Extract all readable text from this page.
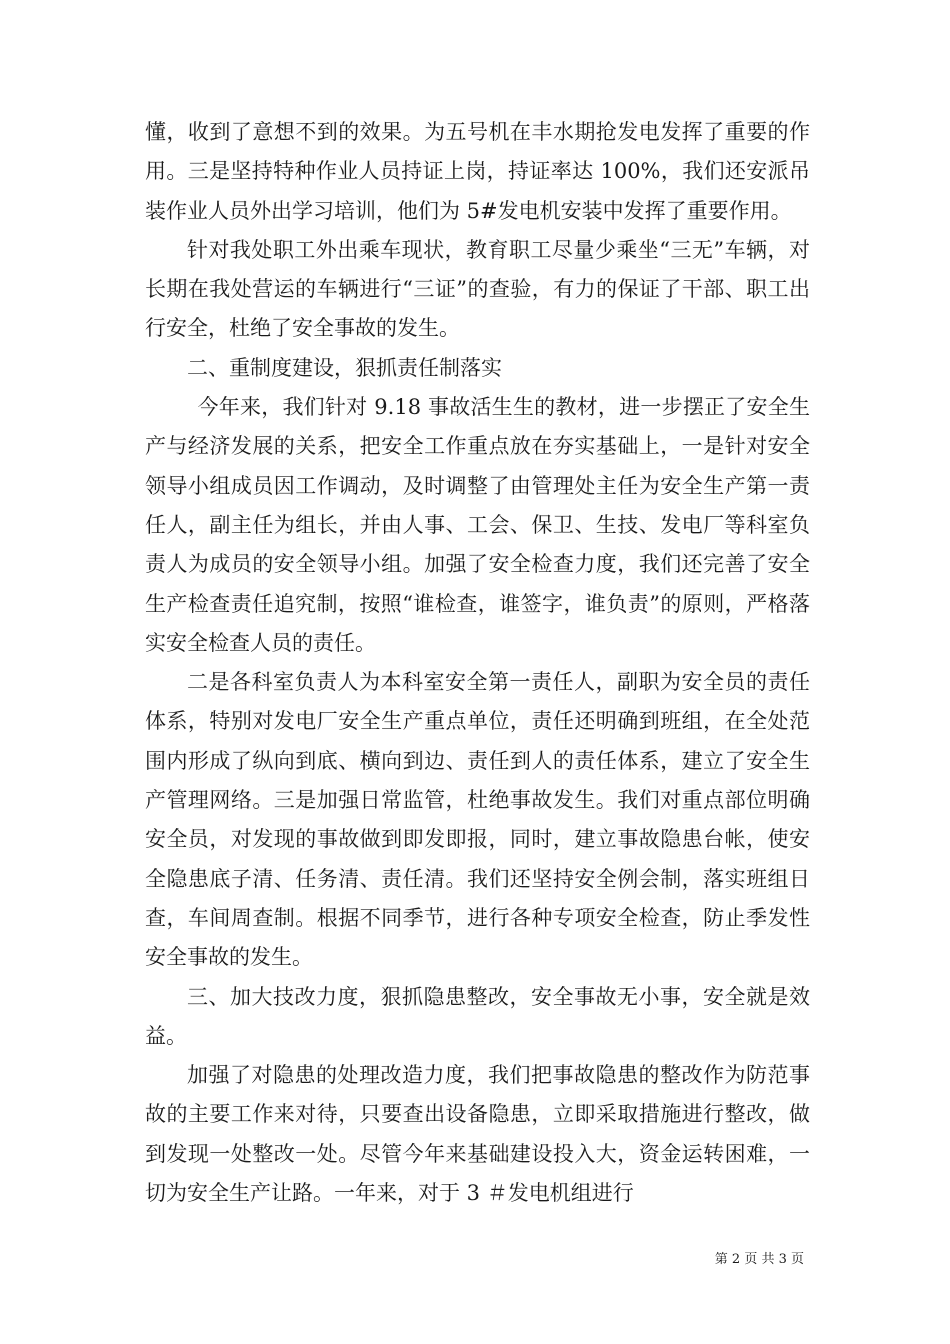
懂，收到了意想不到的效果。为五号机在丰水期抢发电发挥了重要的作用。三是坚持特种作业人员持证上岗，持证率达 100%，我们还安派吊装作业人员外出学习培训，他们为 5#发电机安装中发挥了重要作用。

针对我处职工外出乘车现状，教育职工尽量少乘坐“三无”车辆，对长期在我处营运的车辆进行“三证”的查验，有力的保证了干部、职工出行安全，杜绝了安全事故的发生。

二、重制度建设，狠抓责任制落实

今年来，我们针对 9.18 事故活生生的教材，进一步摆正了安全生产与经济发展的关系，把安全工作重点放在夯实基础上，一是针对安全领导小组成员因工作调动，及时调整了由管理处主任为安全生产第一责任人，副主任为组长，并由人事、工会、保卫、生技、发电厂等科室负责人为成员的安全领导小组。加强了安全检查力度，我们还完善了安全生产检查责任追究制，按照“谁检查，谁签字，谁负责”的原则，严格落实安全检查人员的责任。

二是各科室负责人为本科室安全第一责任人，副职为安全员的责任体系，特别对发电厂安全生产重点单位，责任还明确到班组，在全处范围内形成了纵向到底、横向到边、责任到人的责任体系，建立了安全生产管理网络。三是加强日常监管，杜绝事故发生。我们对重点部位明确安全员，对发现的事故做到即发即报，同时，建立事故隐患台帐，使安全隐患底子清、任务清、责任清。我们还坚持安全例会制，落实班组日查，车间周查制。根据不同季节，进行各种专项安全检查，防止季发性安全事故的发生。

三、加大技改力度，狠抓隐患整改，安全事故无小事，安全就是效益。

加强了对隐患的处理改造力度，我们把事故隐患的整改作为防范事故的主要工作来对待，只要查出设备隐患，立即采取措施进行整改，做到发现一处整改一处。尽管今年来基础建设投入大，资金运转困难，一切为安全生产让路。一年来，对于 3 ＃发电机组进行

第 2 页 共 3 页
